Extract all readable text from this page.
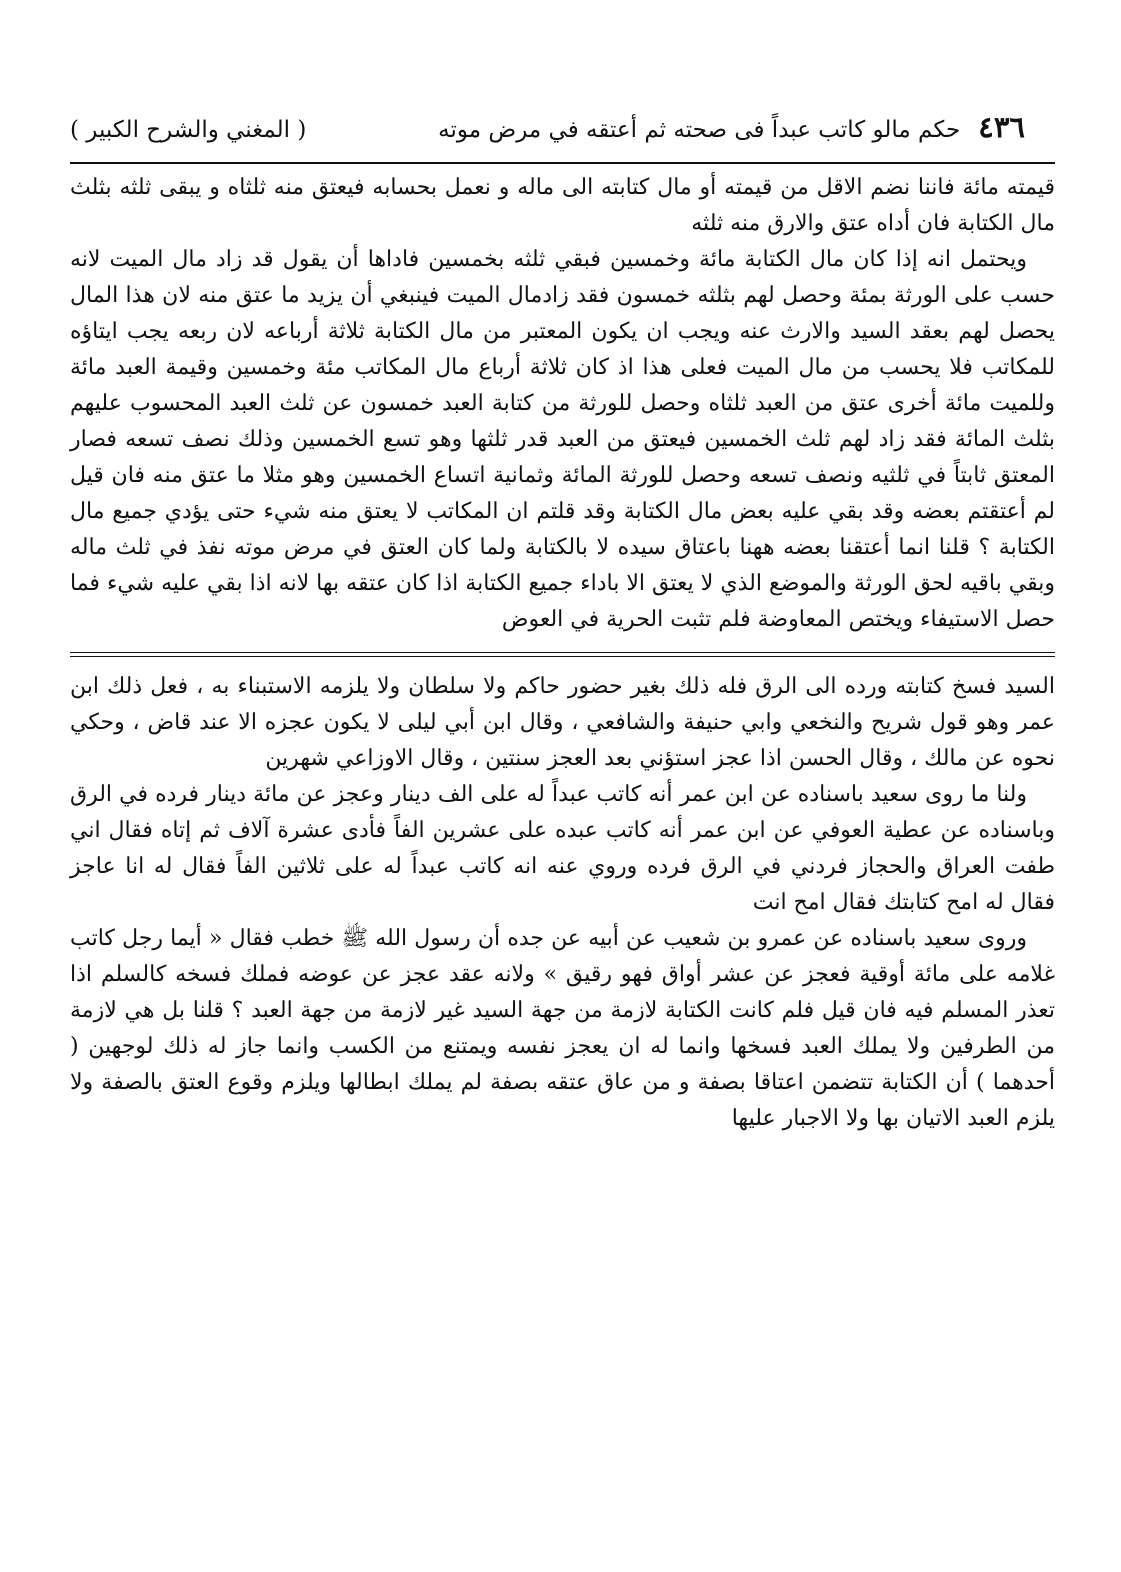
٤٣٦
حكم مالو كاتب عبداً فى صحته ثم أعتقه في مرض موته
( المغني والشرح الكبير )

قيمته مائة فاننا نضم الاقل من قيمته أو مال كتابته الى ماله و نعمل بحسابه فيعتق منه ثلثاه و يبقى ثلثه بثلث مال الكتابة فان أداه عتق والارق منه ثلثه

ويحتمل انه إذا كان مال الكتابة مائة وخمسين فبقي ثلثه بخمسين فاداها أن يقول قد زاد مال الميت لانه حسب على الورثة بمئة وحصل لهم بثلثه خمسون فقد زادمال الميت فينبغي أن يزيد ما عتق منه لان هذا المال يحصل لهم بعقد السيد والارث عنه ويجب ان يكون المعتبر من مال الكتابة ثلاثة أرباعه لان ربعه يجب ايتاؤه للمكاتب فلا يحسب من مال الميت فعلى هذا اذ كان ثلاثة أرباع مال المكاتب مئة وخمسين وقيمة العبد مائة وللميت مائة أخرى عتق من العبد ثلثاه وحصل للورثة من كتابة العبد خمسون عن ثلث العبد المحسوب عليهم بثلث المائة فقد زاد لهم ثلث الخمسين فيعتق من العبد قدر ثلثها وهو تسع الخمسين وذلك نصف تسعه فصار المعتق ثابتاً في ثلثيه ونصف تسعه وحصل للورثة المائة وثمانية اتساع الخمسين وهو مثلا ما عتق منه فان قيل لم أعتقتم بعضه وقد بقي عليه بعض مال الكتابة وقد قلتم ان المكاتب لا يعتق منه شيء حتى يؤدي جميع مال الكتابة ؟ قلنا انما أعتقنا بعضه ههنا باعتاق سيده لا بالكتابة ولما كان العتق في مرض موته نفذ في ثلث ماله وبقي باقيه لحق الورثة والموضع الذي لا يعتق الا باداء جميع الكتابة اذا كان عتقه بها لانه اذا بقي عليه شيء فما حصل الاستيفاء ويختص المعاوضة فلم تثبت الحرية في العوض

السيد فسخ كتابته ورده الى الرق فله ذلك بغير حضور حاكم ولا سلطان ولا يلزمه الاستبناء به ، فعل ذلك ابن عمر وهو قول شريح والنخعي وابي حنيفة والشافعي ، وقال ابن أبي ليلى لا يكون عجزه الا عند قاض ، وحكي نحوه عن مالك ، وقال الحسن اذا عجز استؤني بعد العجز سنتين ، وقال الاوزاعي شهرين

ولنا ما روى سعيد باسناده عن ابن عمر أنه كاتب عبداً له على الف دينار وعجز عن مائة دينار فرده في الرق وباسناده عن عطية العوفي عن ابن عمر أنه كاتب عبده على عشرين الفاً فأدى عشرة آلاف ثم إتاه فقال اني طفت العراق والحجاز فردني في الرق فرده وروي عنه انه كاتب عبداً له على ثلاثين الفاً فقال له انا عاجز فقال له امح كتابتك فقال امح انت

وروى سعيد باسناده عن عمرو بن شعيب عن أبيه عن جده أن رسول الله ﷺ خطب فقال « أيما رجل كاتب غلامه على مائة أوقية فعجز عن عشر أواق فهو رقيق » ولانه عقد عجز عن عوضه فملك فسخه كالسلم اذا تعذر المسلم فيه فان قيل فلم كانت الكتابة لازمة من جهة السيد غير لازمة من جهة العبد ؟ قلنا بل هي لازمة من الطرفين ولا يملك العبد فسخها وانما له ان يعجز نفسه ويمتنع من الكسب وانما جاز له ذلك لوجهين ( أحدهما ) أن الكتابة تتضمن اعتاقا بصفة و من عاق عتقه بصفة لم يملك ابطالها ويلزم وقوع العتق بالصفة ولا يلزم العبد الاتيان بها ولا الاجبار عليها
